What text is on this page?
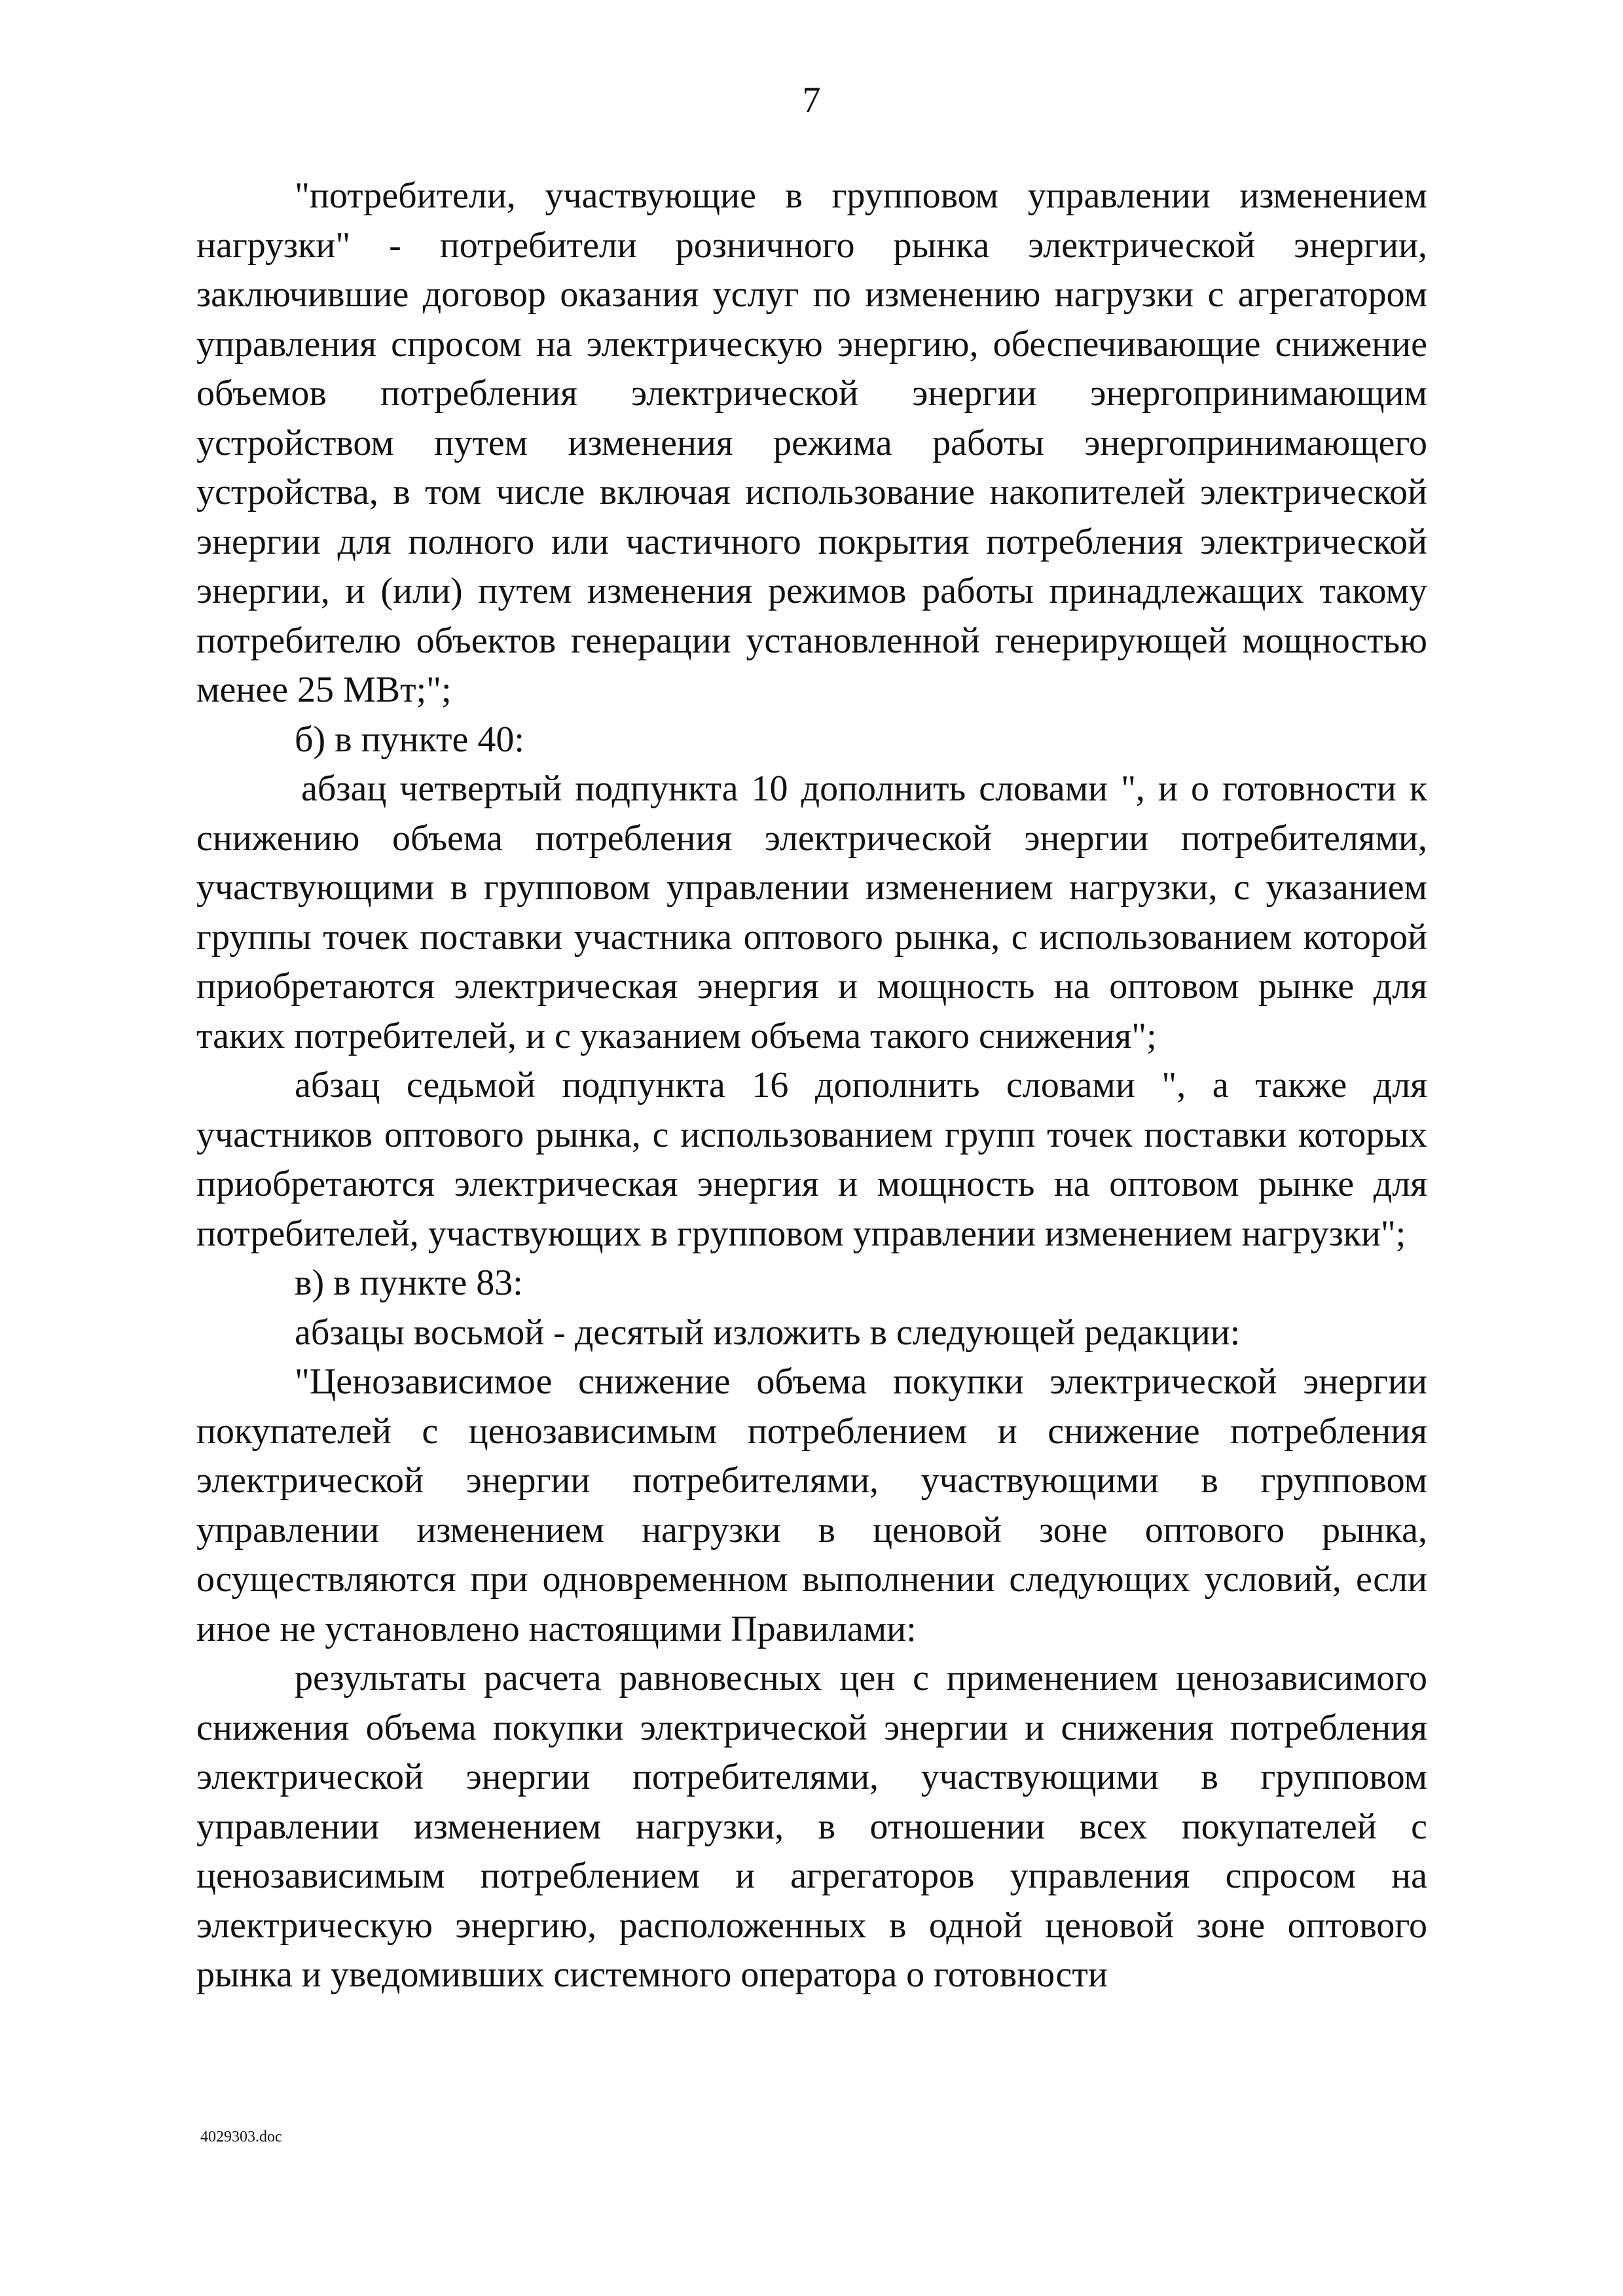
7

"потребители, участвующие в групповом управлении изменением нагрузки" - потребители розничного рынка электрической энергии, заключившие договор оказания услуг по изменению нагрузки с агрегатором управления спросом на электрическую энергию, обеспечивающие снижение объемов потребления электрической энергии энергопринимающим устройством путем изменения режима работы энергопринимающего устройства, в том числе включая использование накопителей электрической энергии для полного или частичного покрытия потребления электрической энергии, и (или) путем изменения режимов работы принадлежащих такому потребителю объектов генерации установленной генерирующей мощностью менее 25 МВт;";

б) в пункте 40:

абзац четвертый подпункта 10 дополнить словами ", и о готовности к снижению объема потребления электрической энергии потребителями, участвующими в групповом управлении изменением нагрузки, с указанием группы точек поставки участника оптового рынка, с использованием которой приобретаются электрическая энергия и мощность на оптовом рынке для таких потребителей, и с указанием объема такого снижения";

абзац седьмой подпункта 16 дополнить словами ", а также для участников оптового рынка, с использованием групп точек поставки которых приобретаются электрическая энергия и мощность на оптовом рынке для потребителей, участвующих в групповом управлении изменением нагрузки";

в) в пункте 83:

абзацы восьмой - десятый изложить в следующей редакции:

"Ценозависимое снижение объема покупки электрической энергии покупателей с ценозависимым потреблением и снижение потребления электрической энергии потребителями, участвующими в групповом управлении изменением нагрузки в ценовой зоне оптового рынка, осуществляются при одновременном выполнении следующих условий, если иное не установлено настоящими Правилами:

результаты расчета равновесных цен с применением ценозависимого снижения объема покупки электрической энергии и снижения потребления электрической энергии потребителями, участвующими в групповом управлении изменением нагрузки, в отношении всех покупателей с ценозависимым потреблением и агрегаторов управления спросом на электрическую энергию, расположенных в одной ценовой зоне оптового рынка и уведомивших системного оператора о готовности

4029303.doc
